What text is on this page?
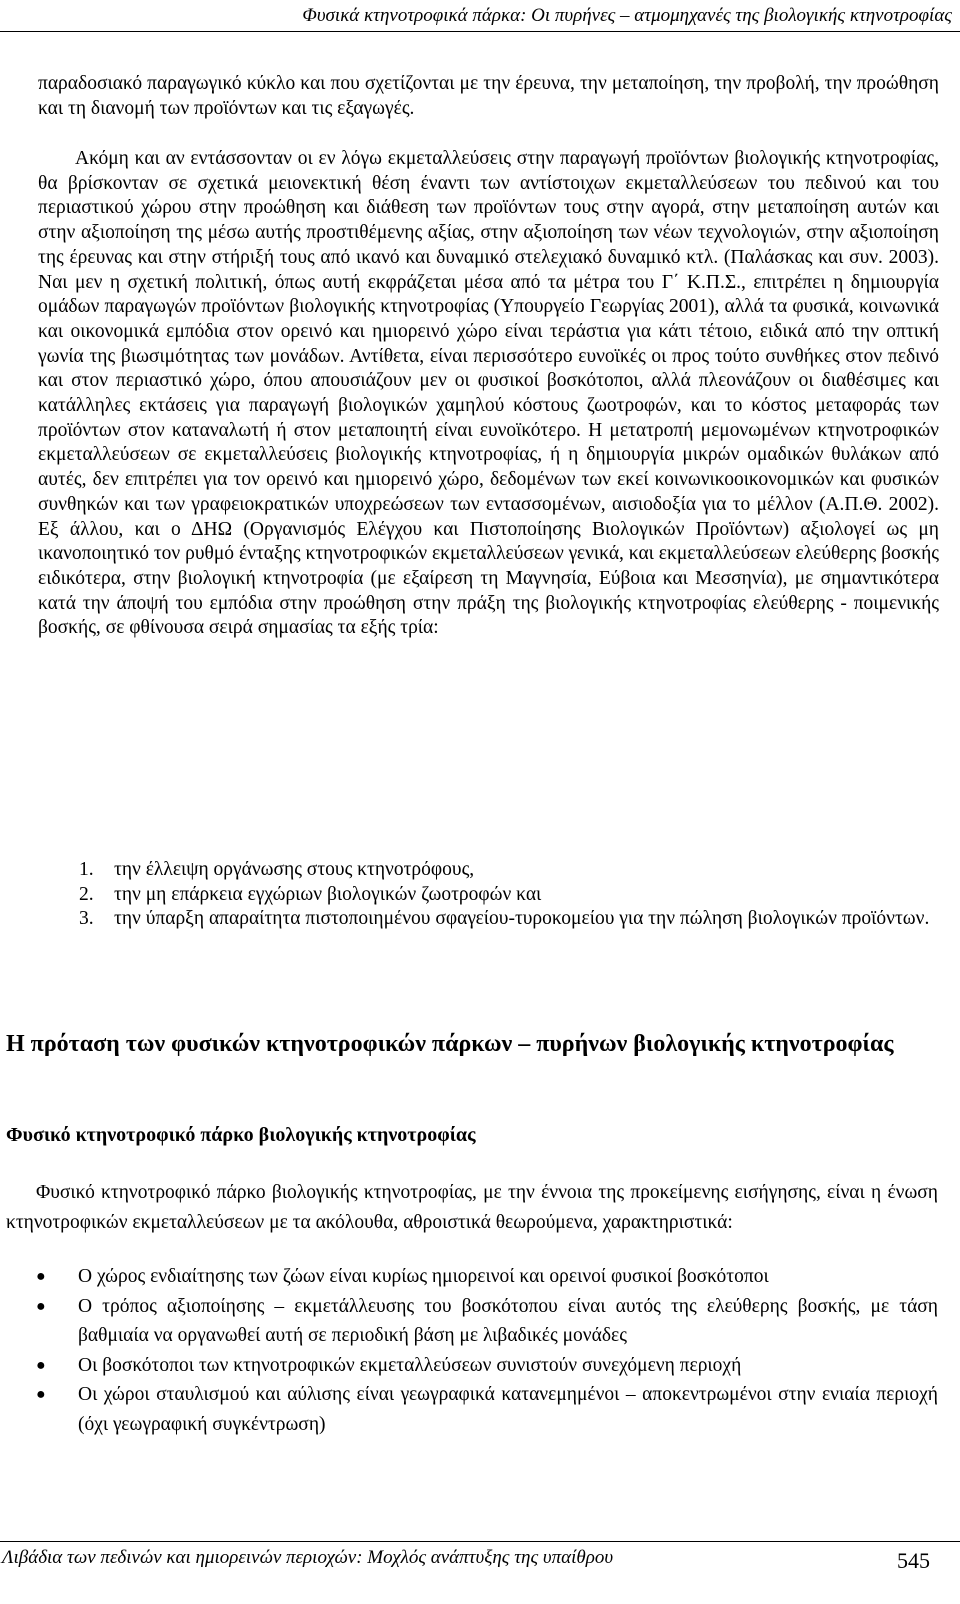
Φυσικά κτηνοτροφικά πάρκα: Οι πυρήνες – ατμομηχανές της βιολογικής κτηνοτροφίας
παραδοσιακό παραγωγικό κύκλο και που σχετίζονται με την έρευνα, την μεταποίηση, την προβολή, την προώθηση και τη διανομή των προϊόντων και τις εξαγωγές.
Ακόμη και αν εντάσσονταν οι εν λόγω εκμεταλλεύσεις στην παραγωγή προϊόντων βιολογικής κτηνοτροφίας, θα βρίσκονταν σε σχετικά μειονεκτική θέση έναντι των αντίστοιχων εκμεταλλεύσεων του πεδινού και του περιαστικού χώρου στην προώθηση και διάθεση των προϊόντων τους στην αγορά, στην μεταποίηση αυτών και στην αξιοποίηση της μέσω αυτής προστιθέμενης αξίας, στην αξιοποίηση των νέων τεχνολογιών, στην αξιοποίηση της έρευνας και στην στήριξή τους από ικανό και δυναμικό στελεχιακό δυναμικό κτλ. (Παλάσκας και συν. 2003). Ναι μεν η σχετική πολιτική, όπως αυτή εκφράζεται μέσα από τα μέτρα του Γ΄ Κ.Π.Σ., επιτρέπει η δημιουργία ομάδων παραγωγών προϊόντων βιολογικής κτηνοτροφίας (Υπουργείο Γεωργίας 2001), αλλά τα φυσικά, κοινωνικά και οικονομικά εμπόδια στον ορεινό και ημιορεινό χώρο είναι τεράστια για κάτι τέτοιο, ειδικά από την οπτική γωνία της βιωσιμότητας των μονάδων. Αντίθετα, είναι περισσότερο ευνοϊκές οι προς τούτο συνθήκες στον πεδινό και στον περιαστικό χώρο, όπου απουσιάζουν μεν οι φυσικοί βοσκότοποι, αλλά πλεονάζουν οι διαθέσιμες και κατάλληλες εκτάσεις για παραγωγή βιολογικών χαμηλού κόστους ζωοτροφών, και το κόστος μεταφοράς των προϊόντων στον καταναλωτή ή στον μεταποιητή είναι ευνοϊκότερο. Η μετατροπή μεμονωμένων κτηνοτροφικών εκμεταλλεύσεων σε εκμεταλλεύσεις βιολογικής κτηνοτροφίας, ή η δημιουργία μικρών ομαδικών θυλάκων από αυτές, δεν επιτρέπει για τον ορεινό και ημιορεινό χώρο, δεδομένων των εκεί κοινωνικοοικονομικών και φυσικών συνθηκών και των γραφειοκρατικών υποχρεώσεων των εντασσομένων, αισιοδοξία για το μέλλον (Α.Π.Θ. 2002). Εξ άλλου, και ο ΔΗΩ (Οργανισμός Ελέγχου και Πιστοποίησης Βιολογικών Προϊόντων) αξιολογεί ως μη ικανοποιητικό τον ρυθμό ένταξης κτηνοτροφικών εκμεταλλεύσεων γενικά, και εκμεταλλεύσεων ελεύθερης βοσκής ειδικότερα, στην βιολογική κτηνοτροφία (με εξαίρεση τη Μαγνησία, Εύβοια και Μεσσηνία), με σημαντικότερα κατά την άποψή του εμπόδια στην προώθηση στην πράξη της βιολογικής κτηνοτροφίας ελεύθερης - ποιμενικής βοσκής, σε φθίνουσα σειρά σημασίας τα εξής τρία:
1. την έλλειψη οργάνωσης στους κτηνοτρόφους,
2. την μη επάρκεια εγχώριων βιολογικών ζωοτροφών και
3. την ύπαρξη απαραίτητα πιστοποιημένου σφαγείου-τυροκομείου για την πώληση βιολογικών προϊόντων.
Η πρόταση των φυσικών κτηνοτροφικών πάρκων – πυρήνων βιολογικής κτηνοτροφίας
Φυσικό κτηνοτροφικό πάρκο βιολογικής κτηνοτροφίας
Φυσικό κτηνοτροφικό πάρκο βιολογικής κτηνοτροφίας, με την έννοια της προκείμενης εισήγησης, είναι η ένωση κτηνοτροφικών εκμεταλλεύσεων με τα ακόλουθα, αθροιστικά θεωρούμενα, χαρακτηριστικά:
● Ο χώρος ενδιαίτησης των ζώων είναι κυρίως ημιορεινοί και ορεινοί φυσικοί βοσκότοποι
● Ο τρόπος αξιοποίησης – εκμετάλλευσης του βοσκότοπου είναι αυτός της ελεύθερης βοσκής, με τάση βαθμιαία να οργανωθεί αυτή σε περιοδική βάση με λιβαδικές μονάδες
● Οι βοσκότοποι των κτηνοτροφικών εκμεταλλεύσεων συνιστούν συνεχόμενη περιοχή
● Οι χώροι σταυλισμού και αύλισης είναι γεωγραφικά κατανεμημένοι – αποκεντρωμένοι στην ενιαία περιοχή (όχι γεωγραφική συγκέντρωση)
Λιβάδια των πεδινών και ημιορεινών περιοχών: Μοχλός ανάπτυξης της υπαίθρου	545
